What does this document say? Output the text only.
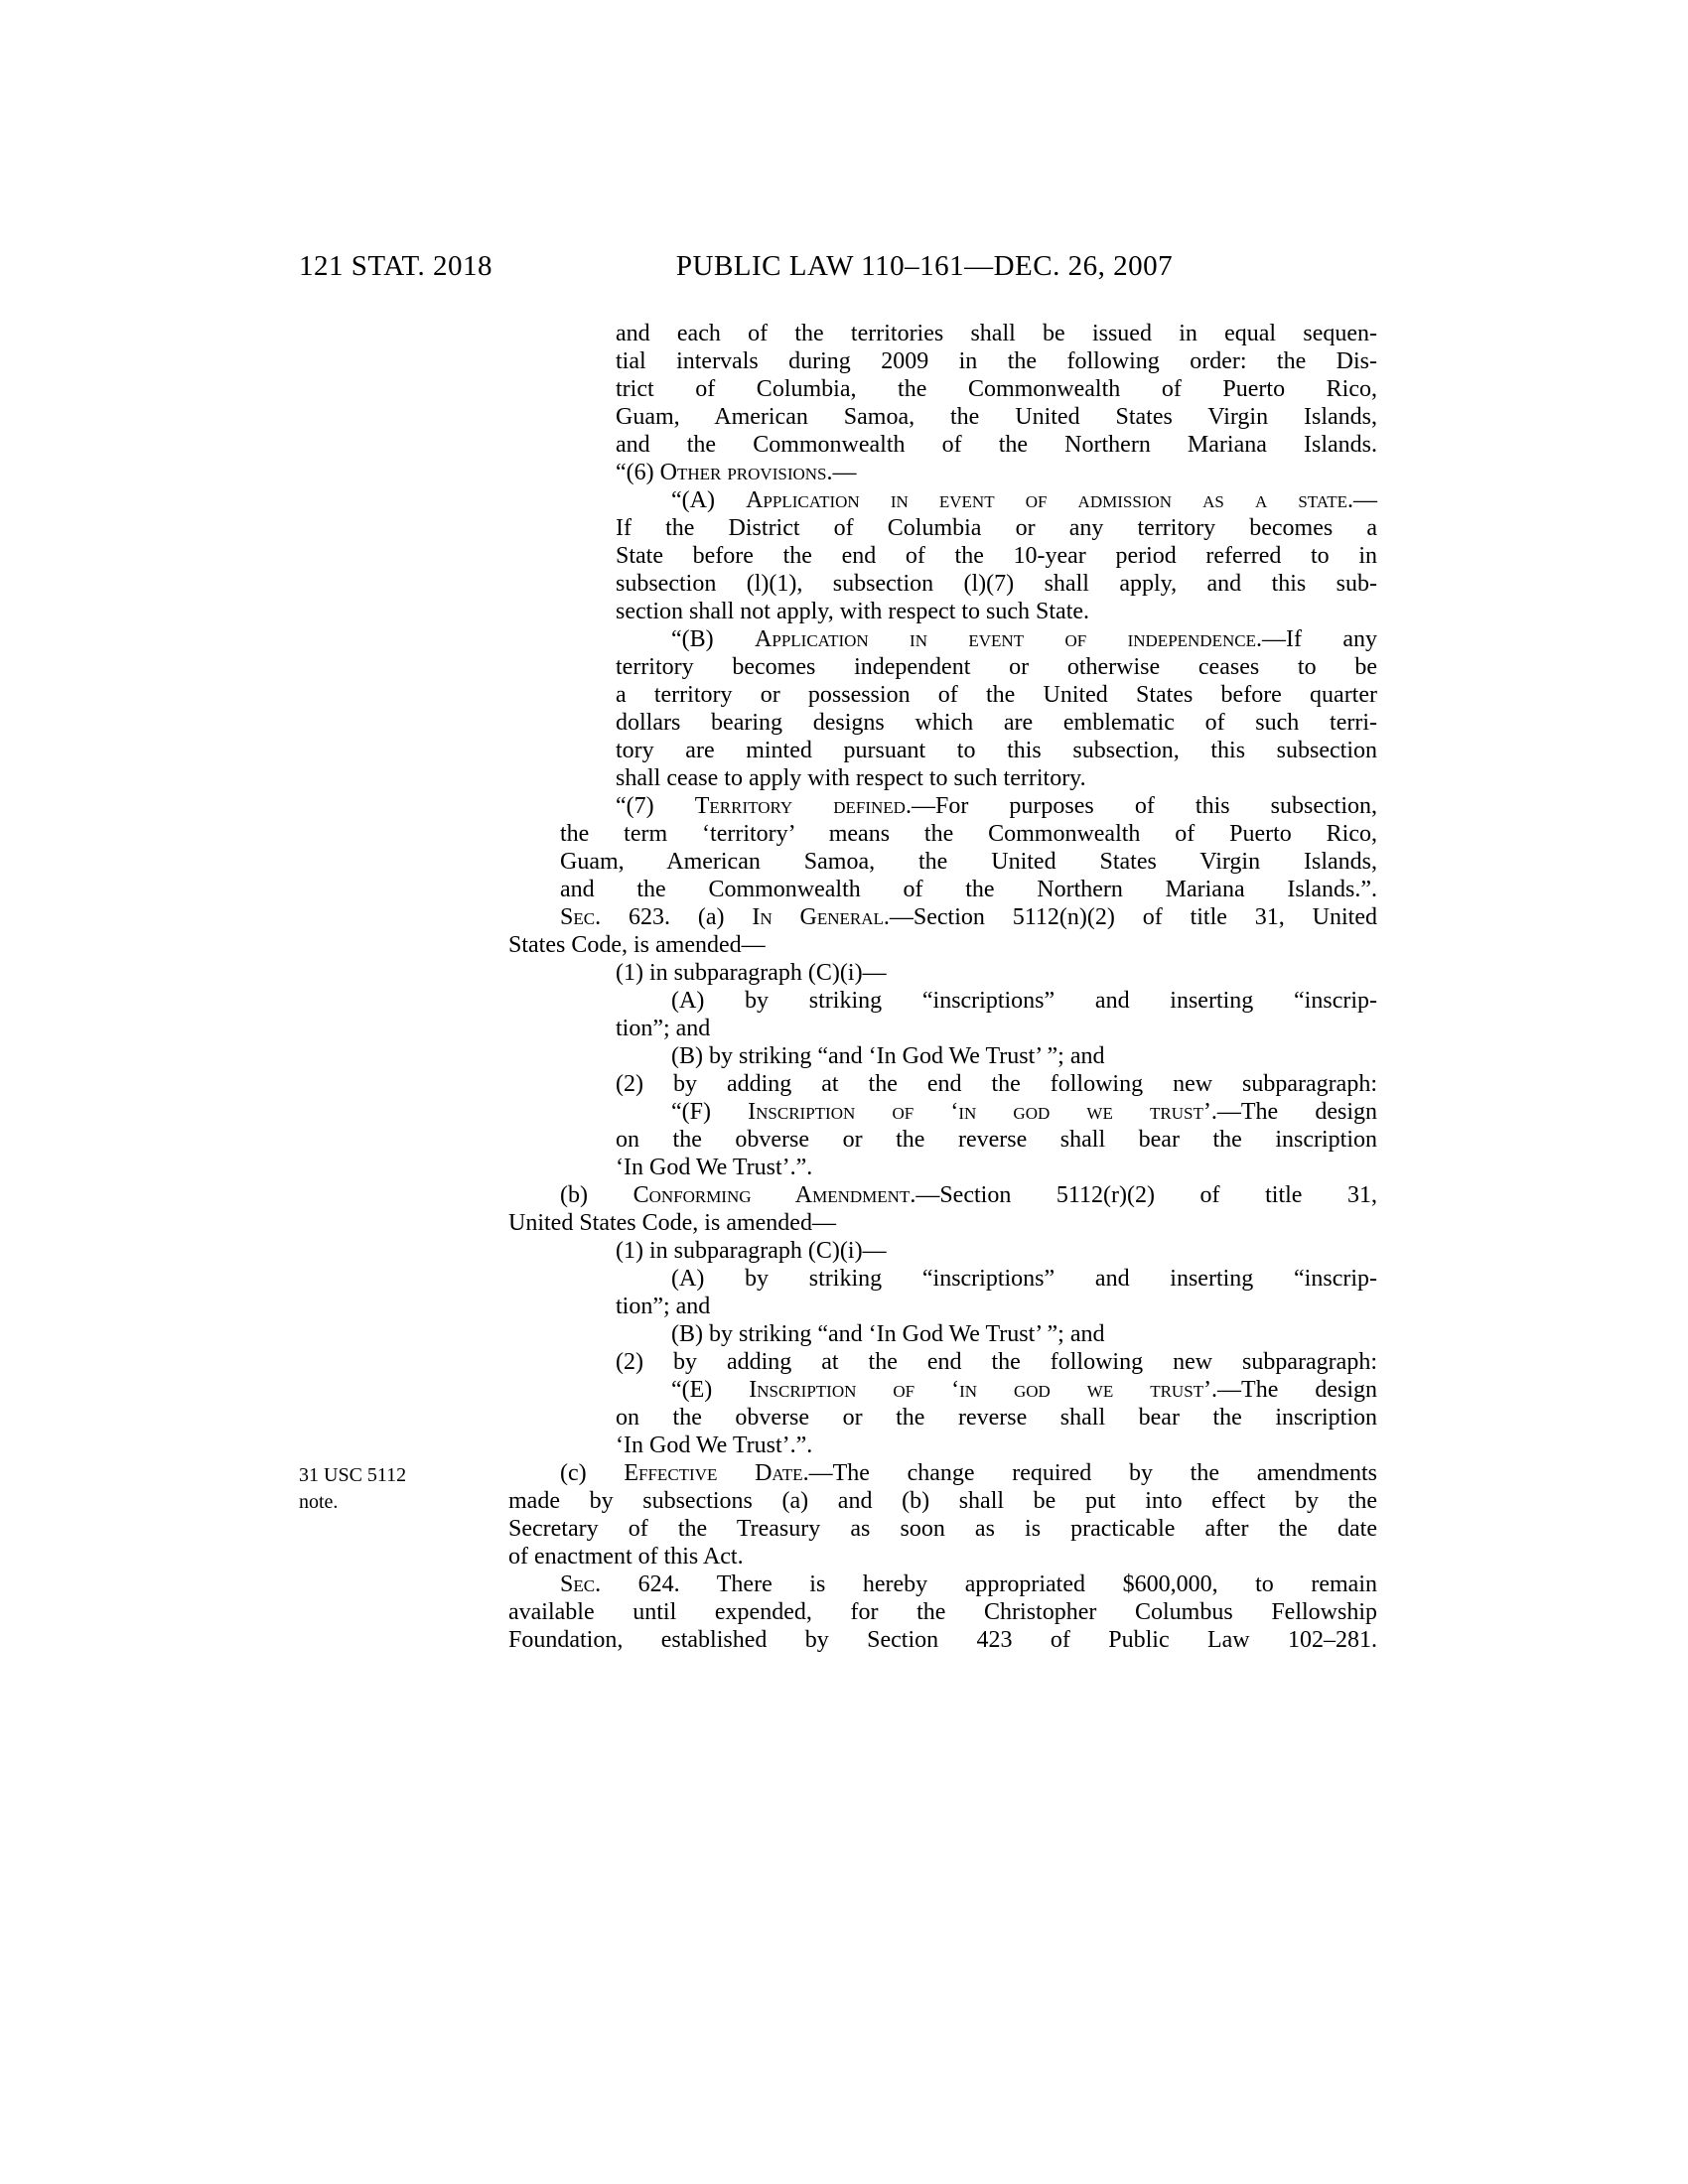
121 STAT. 2018	PUBLIC LAW 110–161—DEC. 26, 2007
31 USC 5112
note.
and each of the territories shall be issued in equal sequen-
tial intervals during 2009 in the following order: the Dis-
trict of Columbia, the Commonwealth of Puerto Rico,
Guam, American Samoa, the United States Virgin Islands,
and the Commonwealth of the Northern Mariana Islands.
“(6) Other provisions.—
“(A) Application in event of admission as a state.—
If the District of Columbia or any territory becomes a
State before the end of the 10-year period referred to in
subsection (l)(1), subsection (l)(7) shall apply, and this sub-
section shall not apply, with respect to such State.
“(B) Application in event of independence.—If any
territory becomes independent or otherwise ceases to be
a territory or possession of the United States before quarter
dollars bearing designs which are emblematic of such terri-
tory are minted pursuant to this subsection, this subsection
shall cease to apply with respect to such territory.
“(7) Territory defined.—For purposes of this subsection,
the term ‘territory’ means the Commonwealth of Puerto Rico,
Guam, American Samoa, the United States Virgin Islands,
and the Commonwealth of the Northern Mariana Islands.”.
Sec. 623. (a) In General.—Section 5112(n)(2) of title 31, United
States Code, is amended—
(1) in subparagraph (C)(i)—
(A) by striking “inscriptions” and inserting “inscrip-
tion”; and
(B) by striking “and ‘In God We Trust’ ”; and
(2) by adding at the end the following new subparagraph:
“(F) Inscription of ‘in god we trust’.—The design
on the obverse or the reverse shall bear the inscription
‘In God We Trust’.”.
(b) Conforming Amendment.—Section 5112(r)(2) of title 31,
United States Code, is amended—
(1) in subparagraph (C)(i)—
(A) by striking “inscriptions” and inserting “inscrip-
tion”; and
(B) by striking “and ‘In God We Trust’ ”; and
(2) by adding at the end the following new subparagraph:
“(E) Inscription of ‘in god we trust’.—The design
on the obverse or the reverse shall bear the inscription
‘In God We Trust’.”.
(c) Effective Date.—The change required by the amendments
made by subsections (a) and (b) shall be put into effect by the
Secretary of the Treasury as soon as is practicable after the date
of enactment of this Act.
Sec. 624. There is hereby appropriated $600,000, to remain
available until expended, for the Christopher Columbus Fellowship
Foundation, established by Section 423 of Public Law 102–281.
